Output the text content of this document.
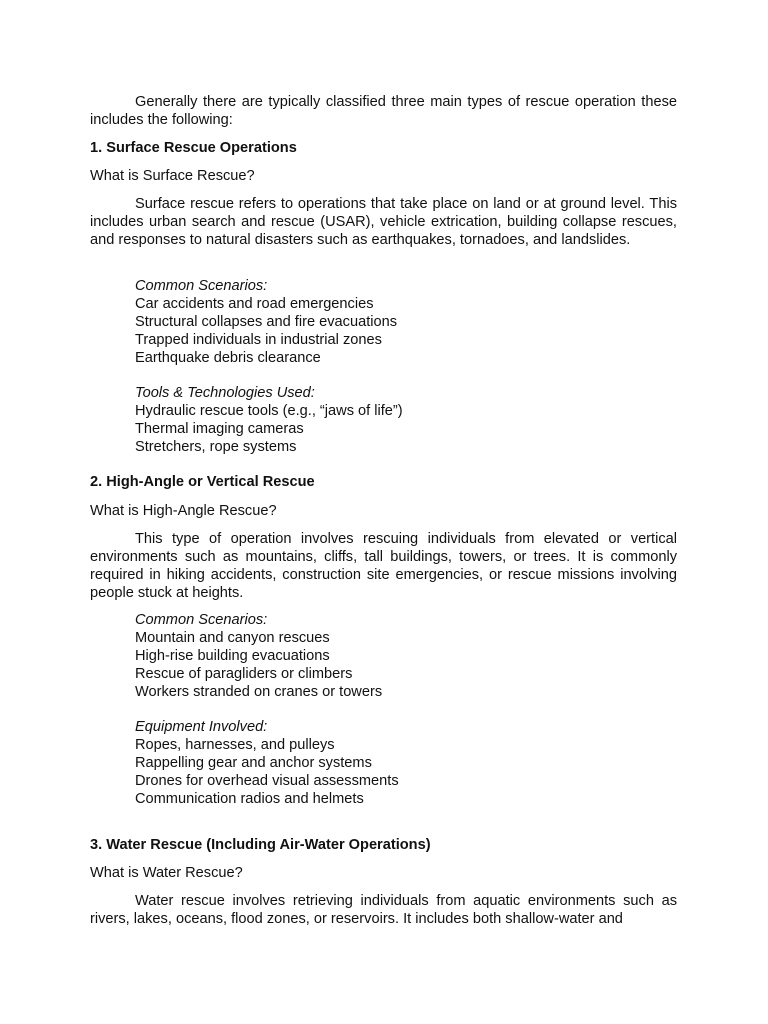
Generally there are typically classified three main types of rescue operation these includes the following:

1. Surface Rescue Operations

What is Surface Rescue?

Surface rescue refers to operations that take place on land or at ground level. This includes urban search and rescue (USAR), vehicle extrication, building collapse rescues, and responses to natural disasters such as earthquakes, tornadoes, and landslides.

Common Scenarios:
Car accidents and road emergencies
Structural collapses and fire evacuations
Trapped individuals in industrial zones
Earthquake debris clearance
Tools & Technologies Used:
Hydraulic rescue tools (e.g., “jaws of life”)
Thermal imaging cameras
Stretchers, rope systems

2. High-Angle or Vertical Rescue

What is High-Angle Rescue?

This type of operation involves rescuing individuals from elevated or vertical environments such as mountains, cliffs, tall buildings, towers, or trees. It is commonly required in hiking accidents, construction site emergencies, or rescue missions involving people stuck at heights.

Common Scenarios:
Mountain and canyon rescues
High-rise building evacuations
Rescue of paragliders or climbers
Workers stranded on cranes or towers
Equipment Involved:
Ropes, harnesses, and pulleys
Rappelling gear and anchor systems
Drones for overhead visual assessments
Communication radios and helmets

3. Water Rescue (Including Air-Water Operations)

What is Water Rescue?

Water rescue involves retrieving individuals from aquatic environments such as rivers, lakes, oceans, flood zones, or reservoirs. It includes both shallow-water and
